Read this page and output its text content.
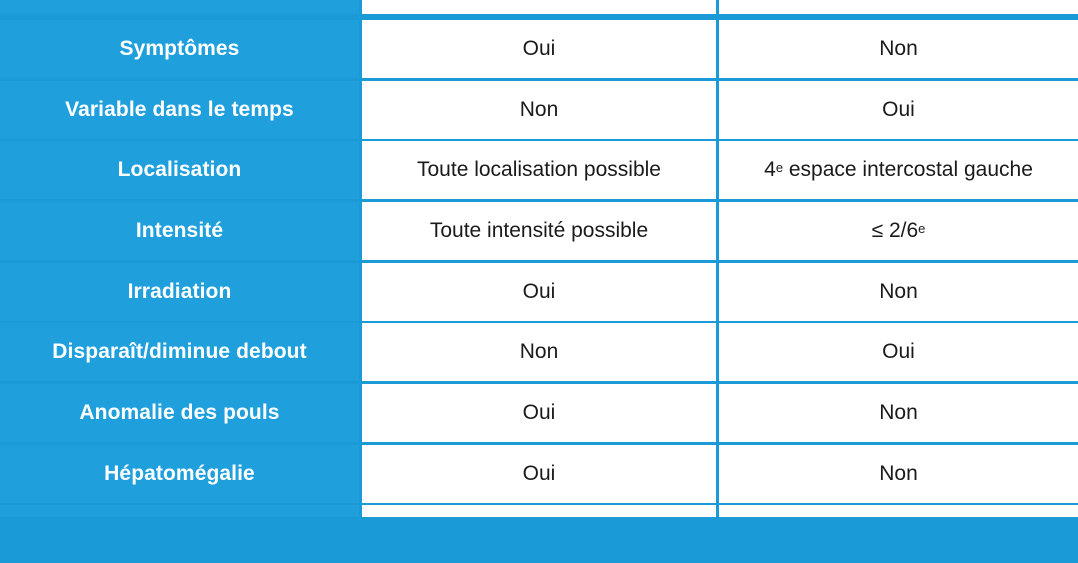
Symptômes	Oui	Non
Variable dans le temps	Non	Oui
Localisation	Toute localisation possible	4e espace intercostal gauche
Intensité	Toute intensité possible	≤ $2/6^e$
Irradiation	Oui	Non
Disparaît/diminue debout	Non	Oui
Anomalie des pouls	Oui	Non
Hépatomégalie	Oui	Non
